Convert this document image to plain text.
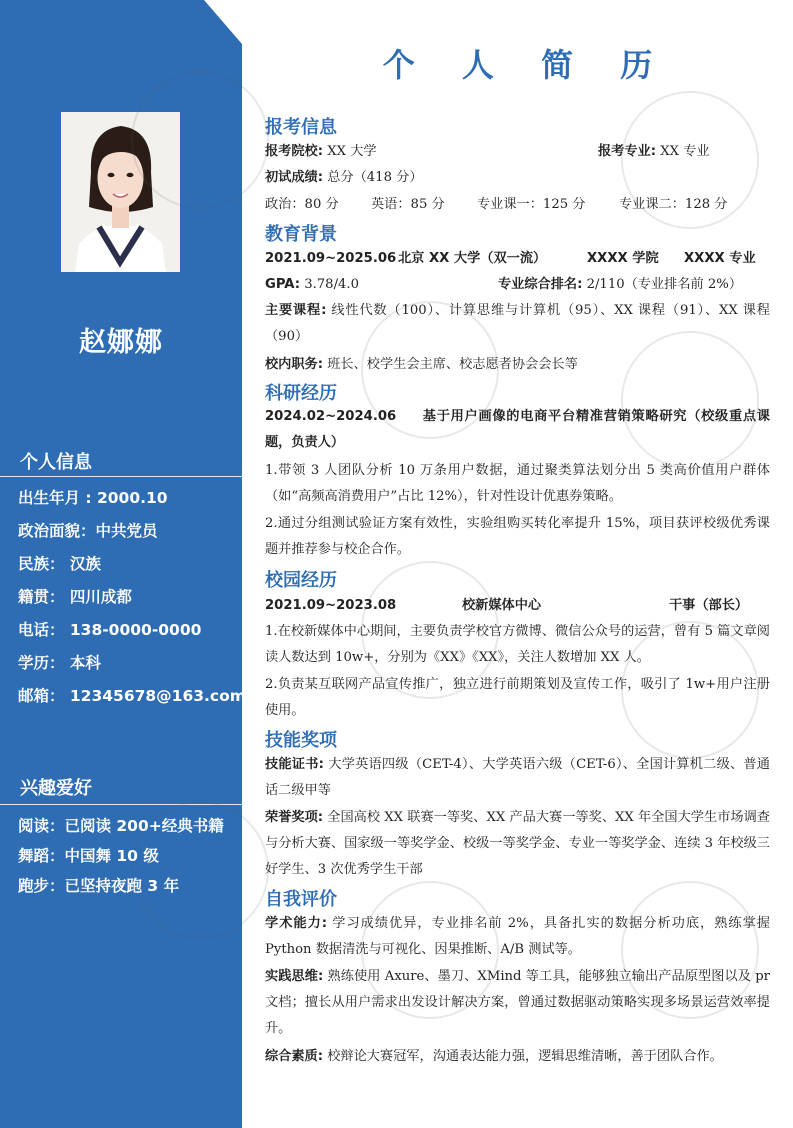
赵娜娜
个人信息
出生年月 : 2000.10
政治面貌：中共党员
民族： 汉族
籍贯： 四川成都
电话： 138-0000-0000
学历： 本科
邮箱： 12345678@163.com
兴趣爱好
阅读：已阅读 200+经典书籍
舞蹈：中国舞 10 级
跑步：已坚持夜跑 3 年
个 人 简 历
报考信息
报考院校: XX 大学	报考专业: XX 专业
初试成绩: 总分（418 分）
政治：80 分 英语：85 分 专业课一：125 分	专业课二：128 分
教育背景
2021.09~2025.06 北京 XX 大学（双一流）	XXXX 学院 XXXX 专业
GPA: 3.78/4.0	专业综合排名: 2/110（专业排名前 2%）
主要课程: 线性代数（100）、计算思维与计算机（95）、XX 课程（91）、XX 课程（90）
校内职务: 班长、校学生会主席、校志愿者协会会长等
科研经历
2024.02~2024.06 基于用户画像的电商平台精准营销策略研究（校级重点课题，负责人）
1.带领 3 人团队分析 10 万条用户数据，通过聚类算法划分出 5 类高价值用户群体（如“高频高消费用户”占比 12%），针对性设计优惠券策略。
2.通过分组测试验证方案有效性，实验组购买转化率提升 15%，项目获评校级优秀课题并推荐参与校企合作。
校园经历
2021.09~2023.08	校新媒体中心	干事（部长）
1.在校新媒体中心期间，主要负责学校官方微博、微信公众号的运营，曾有 5 篇文章阅读人数达到 10w+，分别为《XX》《XX》，关注人数增加 XX 人。
2.负责某互联网产品宣传推广，独立进行前期策划及宣传工作，吸引了 1w+用户注册使用。
技能奖项
技能证书: 大学英语四级（CET-4）、大学英语六级（CET-6）、全国计算机二级、普通话二级甲等
荣誉奖项: 全国高校 XX 联赛一等奖、XX 产品大赛一等奖、XX 年全国大学生市场调查与分析大赛、国家级一等奖学金、校级一等奖学金、专业一等奖学金、连续 3 年校级三好学生、3 次优秀学生干部
自我评价
学术能力: 学习成绩优异，专业排名前 2%，具备扎实的数据分析功底，熟练掌握 Python 数据清洗与可视化、因果推断、A/B 测试等。
实践思维: 熟练使用 Axure、墨刀、XMind 等工具，能够独立输出产品原型图以及 pr 文档；擅长从用户需求出发设计解决方案，曾通过数据驱动策略实现多场景运营效率提升。
综合素质: 校辩论大赛冠军，沟通表达能力强，逻辑思维清晰，善于团队合作。
